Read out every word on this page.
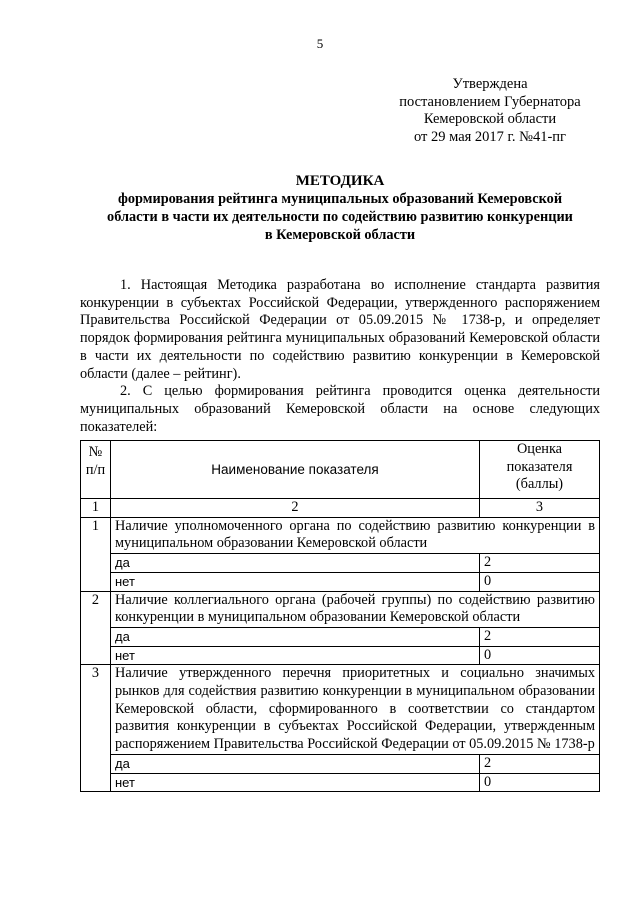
5
Утверждена
постановлением Губернатора
Кемеровской области
от 29 мая 2017 г. №41-пг
МЕТОДИКА
формирования рейтинга муниципальных образований Кемеровской
области в части их деятельности по содействию развитию конкуренции
в Кемеровской области

1. Настоящая Методика разработана во исполнение стандарта развития конкуренции в субъектах Российской Федерации, утвержденного распоряжением Правительства Российской Федерации от 05.09.2015 № 1738-р, и определяет порядок формирования рейтинга муниципальных образований Кемеровской области в части их деятельности по содействию развитию конкуренции в Кемеровской области (далее – рейтинг).

2. С целью формирования рейтинга проводится оценка деятельности муниципальных образований Кемеровской области на основе следующих показателей:

№ п/п	Наименование показателя	Оценка показателя (баллы)
1	2	3
1	Наличие уполномоченного органа по содействию развитию конкуренции в муниципальном образовании Кемеровской области	
	да	2
	нет	0
2	Наличие коллегиального органа (рабочей группы) по содействию развитию конкуренции в муниципальном образовании Кемеровской области	
	да	2
	нет	0
3	Наличие утвержденного перечня приоритетных и социально значимых рынков для содействия развитию конкуренции в муниципальном образовании Кемеровской области, сформированного в соответствии со стандартом развития конкуренции в субъектах Российской Федерации, утвержденным распоряжением Правительства Российской Федерации от 05.09.2015 № 1738-р	
	да	2
	нет	0
